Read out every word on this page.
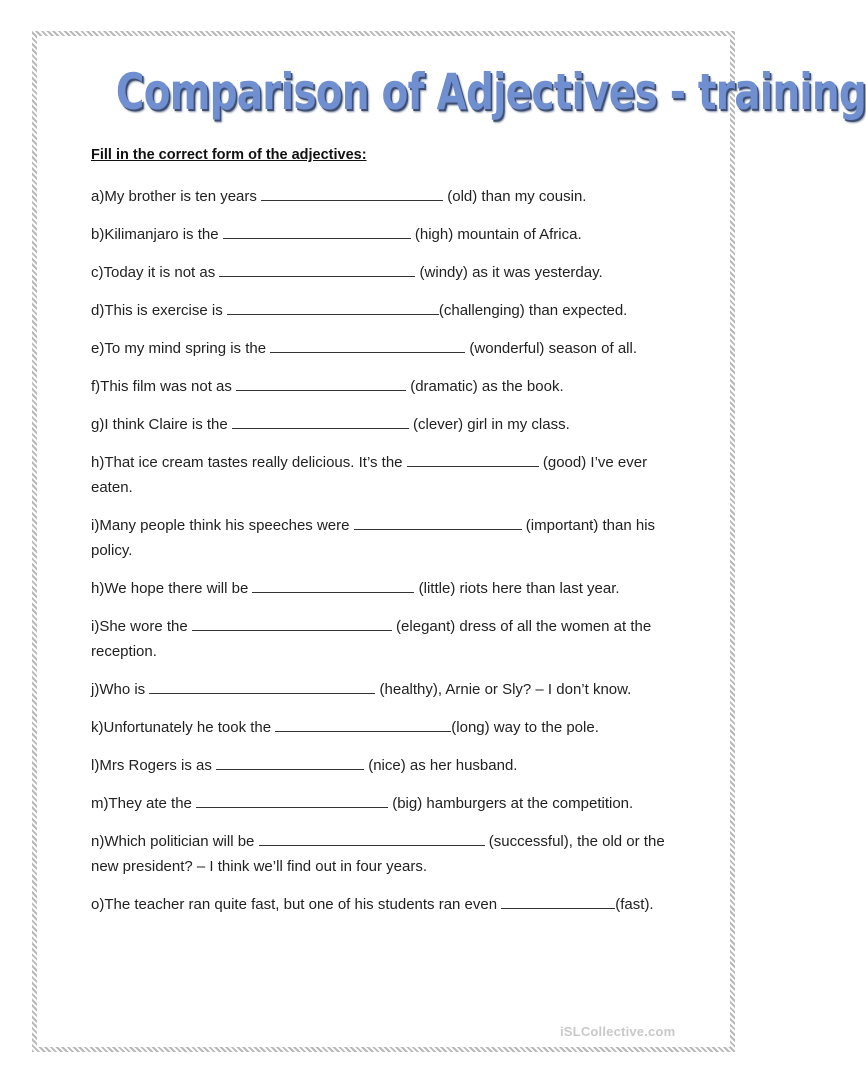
Comparison of Adjectives - training

Fill in the correct form of the adjectives:

a)My brother is ten years	(old) than my cousin.
b)Kilimanjaro is the	(high) mountain of Africa.
c)Today it is not as	(windy) as it was yesterday.
d)This is exercise is	(challenging) than expected.
e)To my mind spring is the	(wonderful) season of all.
f)This film was not as	(dramatic) as the book.
g)I think Claire is the	(clever) girl in my class.
h)That ice cream tastes really delicious. It’s the	(good) I’ve ever eaten.
i)Many people think his speeches were	(important) than his policy.
h)We hope there will be	(little) riots here than last year.
i)She wore the	(elegant) dress of all the women at the reception.
j)Who is	(healthy), Arnie or Sly? – I don’t know.
k)Unfortunately he took the	(long) way to the pole.
l)Mrs Rogers is as	(nice) as her husband.
m)They ate the	(big) hamburgers at the competition.
n)Which politician will be	(successful), the old or the new president? – I think we’ll find out in four years.
o)The teacher ran quite fast, but one of his students ran even	(fast).
iSLCollective.com
